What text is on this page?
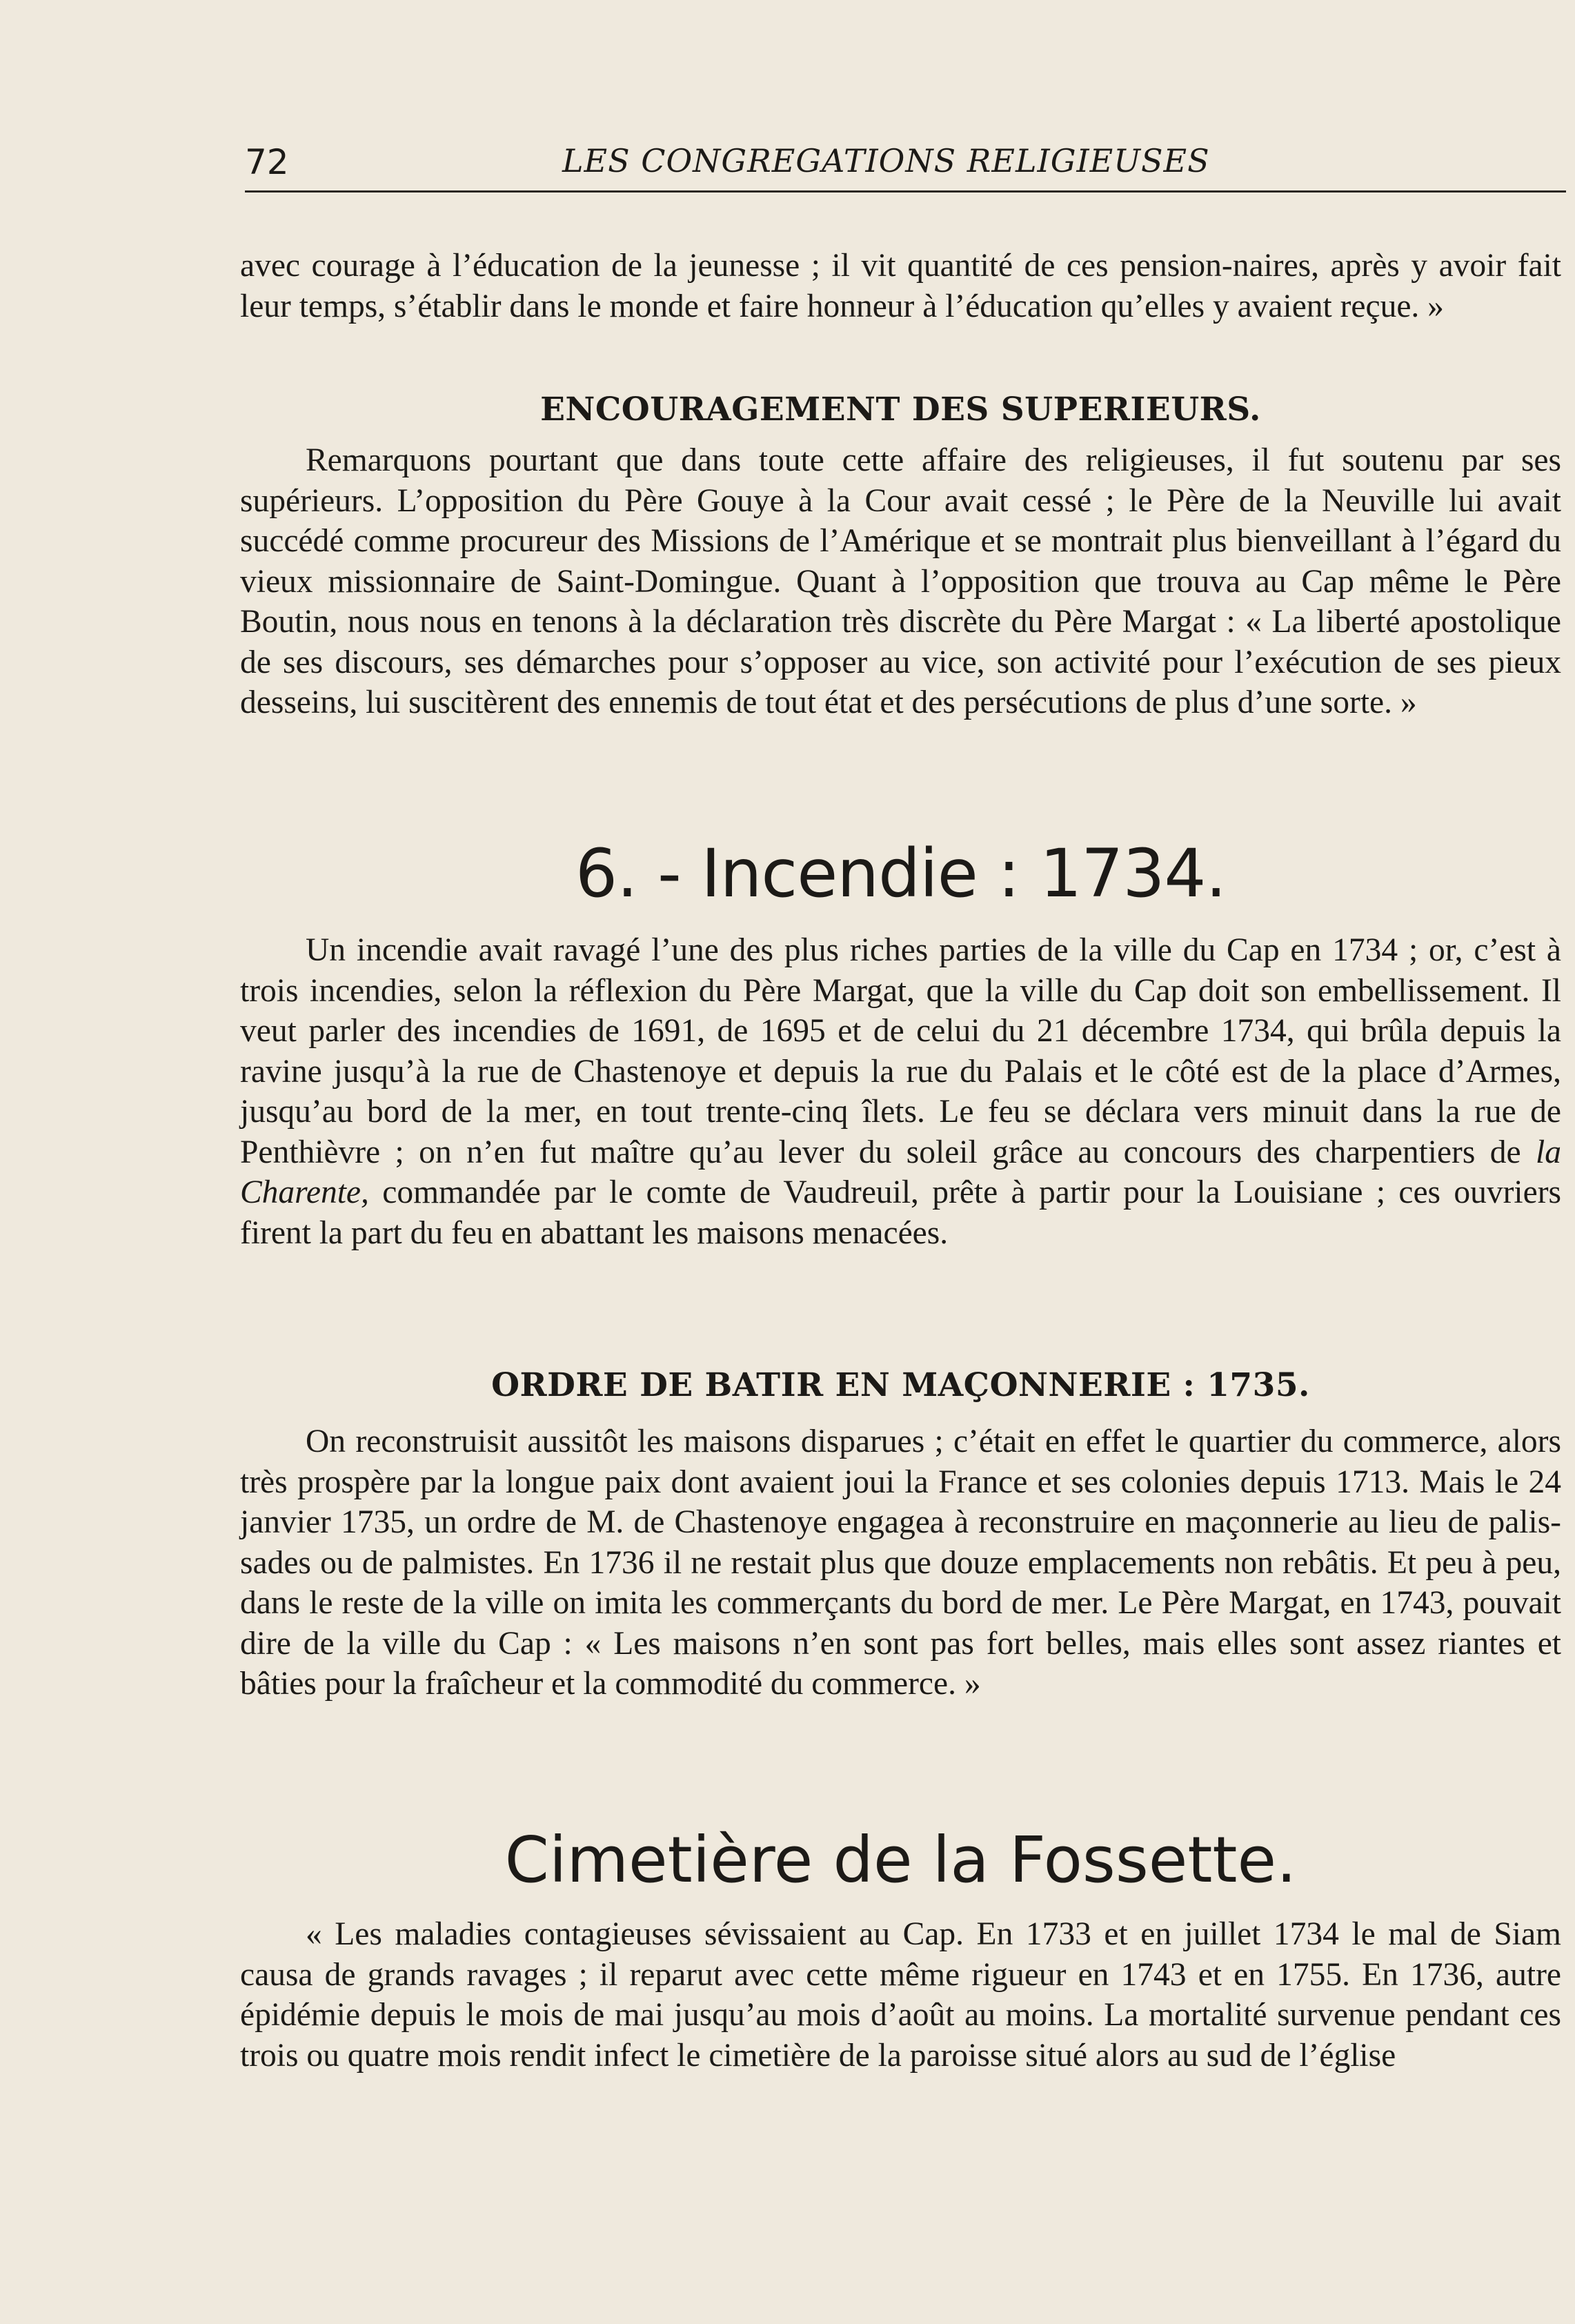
72	LES CONGREGATIONS RELIGIEUSES

avec courage à l’éducation de la jeunesse ; il vit quantité de ces pension-naires, après y avoir fait leur temps, s’établir dans le monde et faire honneur à l’éducation qu’elles y avaient reçue. »

ENCOURAGEMENT DES SUPERIEURS.

Remarquons pourtant que dans toute cette affaire des religieuses, il fut soutenu par ses supérieurs. L’opposition du Père Gouye à la Cour avait cessé ; le Père de la Neuville lui avait succédé comme procureur des Missions de l’Amérique et se montrait plus bienveillant à l’égard du vieux missionnaire de Saint-Domingue. Quant à l’opposition que trouva au Cap même le Père Boutin, nous nous en tenons à la déclaration très discrète du Père Margat : « La liberté apostolique de ses discours, ses démarches pour s’opposer au vice, son activité pour l’exécution de ses pieux desseins, lui suscitèrent des ennemis de tout état et des persécutions de plus d’une sorte. »

6. - Incendie : 1734.

Un incendie avait ravagé l’une des plus riches parties de la ville du Cap en 1734 ; or, c’est à trois incendies, selon la réflexion du Père Margat, que la ville du Cap doit son embellissement. Il veut parler des incendies de 1691, de 1695 et de celui du 21 décembre 1734, qui brûla depuis la ravine jusqu’à la rue de Chastenoye et depuis la rue du Palais et le côté est de la place d’Armes, jusqu’au bord de la mer, en tout trente-cinq îlets. Le feu se déclara vers minuit dans la rue de Penthièvre ; on n’en fut maître qu’au lever du soleil grâce au concours des charpentiers de la Charente, commandée par le comte de Vaudreuil, prête à partir pour la Louisiane ; ces ouvriers firent la part du feu en abattant les maisons menacées.

ORDRE DE BATIR EN MAÇONNERIE : 1735.

On reconstruisit aussitôt les maisons disparues ; c’était en effet le quartier du commerce, alors très prospère par la longue paix dont avaient joui la France et ses colonies depuis 1713. Mais le 24 janvier 1735, un ordre de M. de Chastenoye engagea à reconstruire en maçonnerie au lieu de palis-sades ou de palmistes. En 1736 il ne restait plus que douze emplacements non rebâtis. Et peu à peu, dans le reste de la ville on imita les commerçants du bord de mer. Le Père Margat, en 1743, pouvait dire de la ville du Cap : « Les maisons n’en sont pas fort belles, mais elles sont assez riantes et bâties pour la fraîcheur et la commodité du commerce. »

Cimetière de la Fossette.

« Les maladies contagieuses sévissaient au Cap. En 1733 et en juillet 1734 le mal de Siam causa de grands ravages ; il reparut avec cette même rigueur en 1743 et en 1755. En 1736, autre épidémie depuis le mois de mai jusqu’au mois d’août au moins. La mortalité survenue pendant ces trois ou quatre mois rendit infect le cimetière de la paroisse situé alors au sud de l’église
